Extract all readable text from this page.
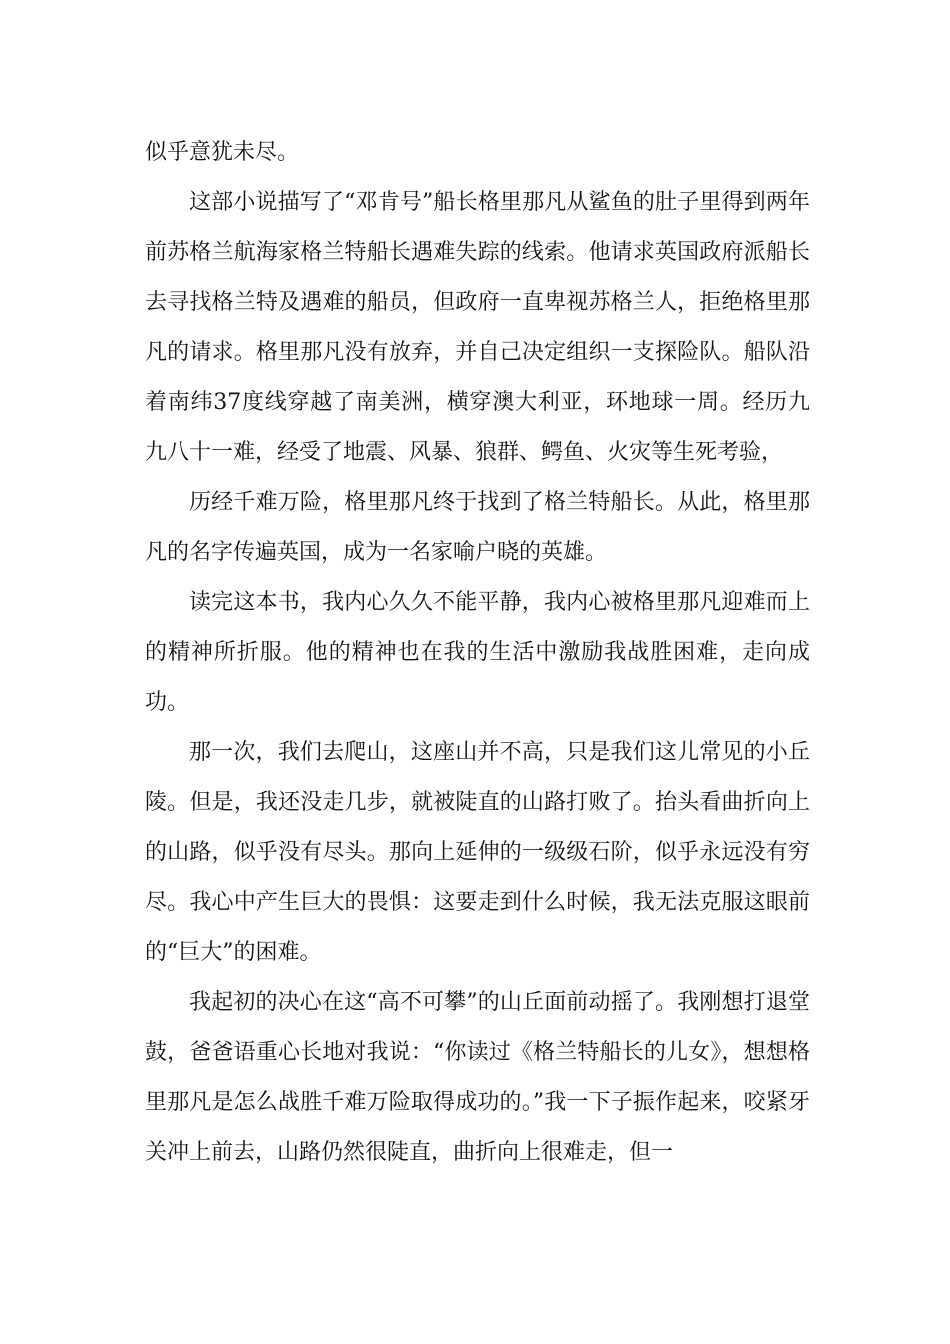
似乎意犹未尽。

这部小说描写了“邓肯号”船长格里那凡从鲨鱼的肚子里得到两年前苏格兰航海家格兰特船长遇难失踪的线索。他请求英国政府派船长去寻找格兰特及遇难的船员，但政府一直卑视苏格兰人，拒绝格里那凡的请求。格里那凡没有放弃，并自己决定组织一支探险队。船队沿着南纬37度线穿越了南美洲，横穿澳大利亚，环地球一周。经历九九八十一难，经受了地震、风暴、狼群、鳄鱼、火灾等生死考验，

历经千难万险，格里那凡终于找到了格兰特船长。从此，格里那凡的名字传遍英国，成为一名家喻户晓的英雄。

读完这本书，我内心久久不能平静，我内心被格里那凡迎难而上的精神所折服。他的精神也在我的生活中激励我战胜困难，走向成功。

那一次，我们去爬山，这座山并不高，只是我们这儿常见的小丘陵。但是，我还没走几步，就被陡直的山路打败了。抬头看曲折向上的山路，似乎没有尽头。那向上延伸的一级级石阶，似乎永远没有穷尽。我心中产生巨大的畏惧：这要走到什么时候，我无法克服这眼前的“巨大”的困难。

我起初的决心在这“高不可攀”的山丘面前动摇了。我刚想打退堂鼓，爸爸语重心长地对我说：“你读过《格兰特船长的儿女》，想想格里那凡是怎么战胜千难万险取得成功的。”我一下子振作起来，咬紧牙关冲上前去，山路仍然很陡直，曲折向上很难走，但一
